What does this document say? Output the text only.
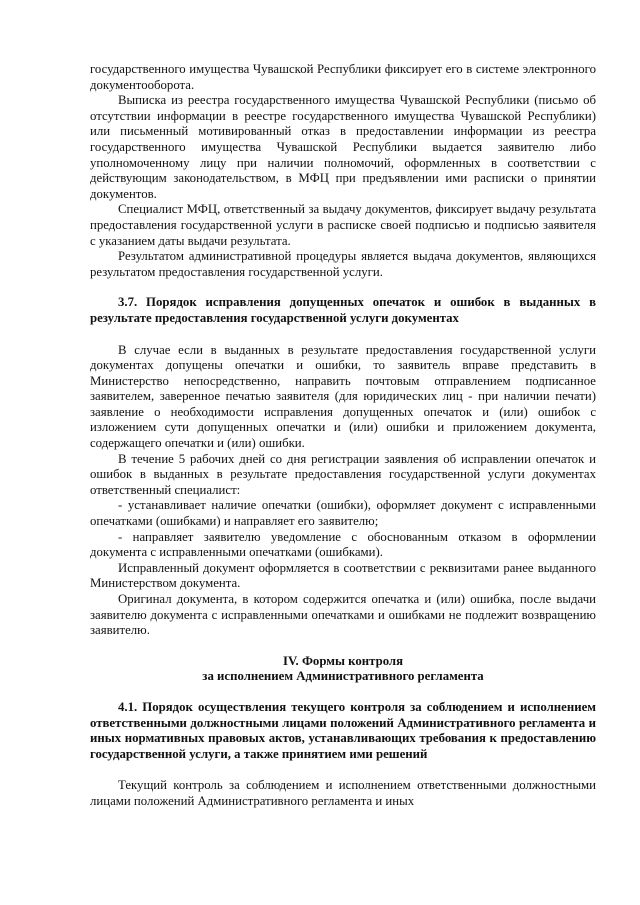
государственного имущества Чувашской Республики фиксирует его в системе электронного документооборота.

Выписка из реестра государственного имущества Чувашской Республики (письмо об отсутствии информации в реестре государственного имущества Чувашской Республики) или письменный мотивированный отказ в предоставлении информации из реестра государственного имущества Чувашской Республики выдается заявителю либо уполномоченному лицу при наличии полномочий, оформленных в соответствии с действующим законодательством, в МФЦ при предъявлении ими расписки о принятии документов.

Специалист МФЦ, ответственный за выдачу документов, фиксирует выдачу результата предоставления государственной услуги в расписке своей подписью и подписью заявителя с указанием даты выдачи результата.

Результатом административной процедуры является выдача документов, являющихся результатом предоставления государственной услуги.

3.7. Порядок исправления допущенных опечаток и ошибок в выданных в результате предоставления государственной услуги документах

В случае если в выданных в результате предоставления государственной услуги документах допущены опечатки и ошибки, то заявитель вправе представить в Министерство непосредственно, направить почтовым отправлением подписанное заявителем, заверенное печатью заявителя (для юридических лиц - при наличии печати) заявление о необходимости исправления допущенных опечаток и (или) ошибок с изложением сути допущенных опечатки и (или) ошибки и приложением документа, содержащего опечатки и (или) ошибки.

В течение 5 рабочих дней со дня регистрации заявления об исправлении опечаток и ошибок в выданных в результате предоставления государственной услуги документах ответственный специалист:

- устанавливает наличие опечатки (ошибки), оформляет документ с исправленными опечатками (ошибками) и направляет его заявителю;

- направляет заявителю уведомление с обоснованным отказом в оформлении документа с исправленными опечатками (ошибками).

Исправленный документ оформляется в соответствии с реквизитами ранее выданного Министерством документа.

Оригинал документа, в котором содержится опечатка и (или) ошибка, после выдачи заявителю документа с исправленными опечатками и ошибками не подлежит возвращению заявителю.

IV. Формы контроля

за исполнением Административного регламента

4.1. Порядок осуществления текущего контроля за соблюдением и исполнением ответственными должностными лицами положений Административного регламента и иных нормативных правовых актов, устанавливающих требования к предоставлению государственной услуги, а также принятием ими решений

Текущий контроль за соблюдением и исполнением ответственными должностными лицами положений Административного регламента и иных
